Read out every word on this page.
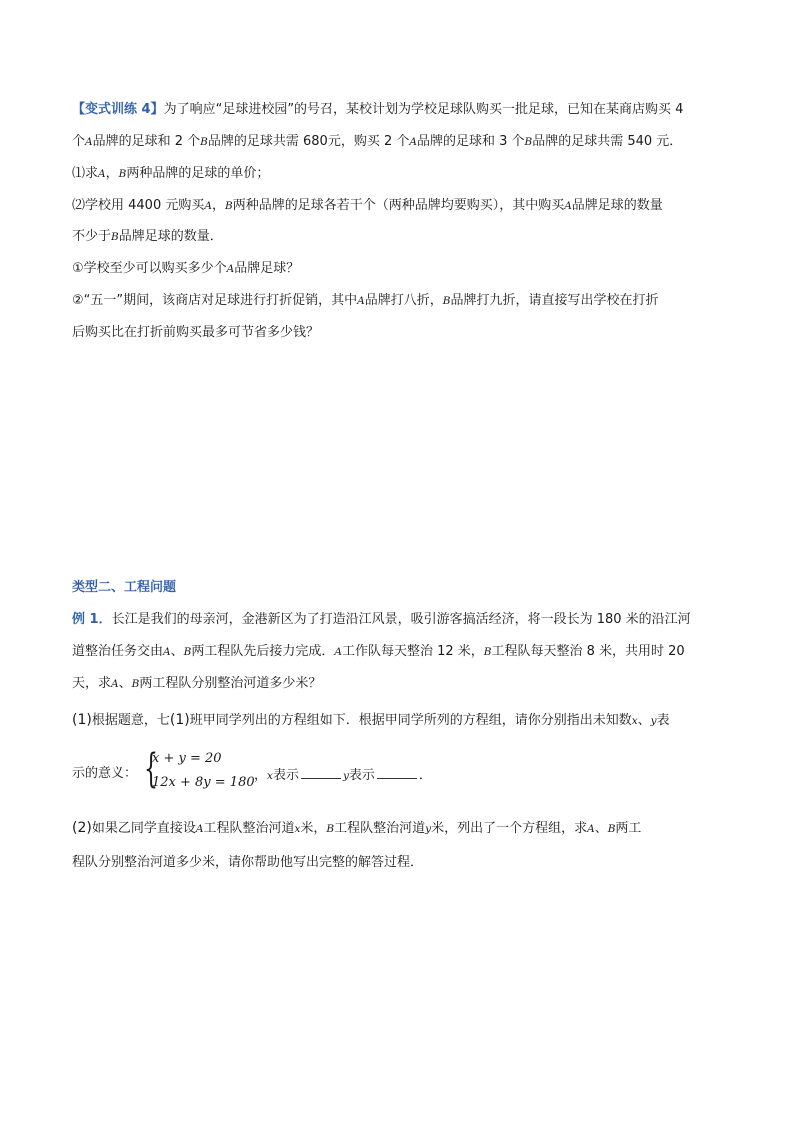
【变式训练 4】为了响应“足球进校园”的号召，某校计划为学校足球队购买一批足球，已知在某商店购买 4
个A品牌的足球和 2 个B品牌的足球共需 680元，购买 2 个A品牌的足球和 3 个B品牌的足球共需 540 元．
⑴求A，B两种品牌的足球的单价；
⑵学校用 4400 元购买A，B两种品牌的足球各若干个（两种品牌均要购买），其中购买A品牌足球的数量
不少于B品牌足球的数量．
①学校至少可以购买多少个A品牌足球？
②“五一”期间，该商店对足球进行打折促销，其中A品牌打八折，B品牌打九折，请直接写出学校在打折
后购买比在打折前购买最多可节省多少钱？
类型二、工程问题
例 1．长江是我们的母亲河，金港新区为了打造沿江风景，吸引游客搞活经济，将一段长为 180 米的沿江河
道整治任务交由A、B两工程队先后接力完成．A工作队每天整治 12 米，B工程队每天整治 8 米，共用时 20
天，求A、B两工程队分别整治河道多少米？
(1)根据题意，七(1)班甲同学列出的方程组如下．根据甲同学所列的方程组，请你分别指出未知数x、y表
示的意义： {
x + y = 20
12x + 8y = 180 ，x表示	y表示	．
(2)如果乙同学直接设A工程队整治河道x米，B工程队整治河道y米，列出了一个方程组，求A、B两工
程队分别整治河道多少米，请你帮助他写出完整的解答过程．
